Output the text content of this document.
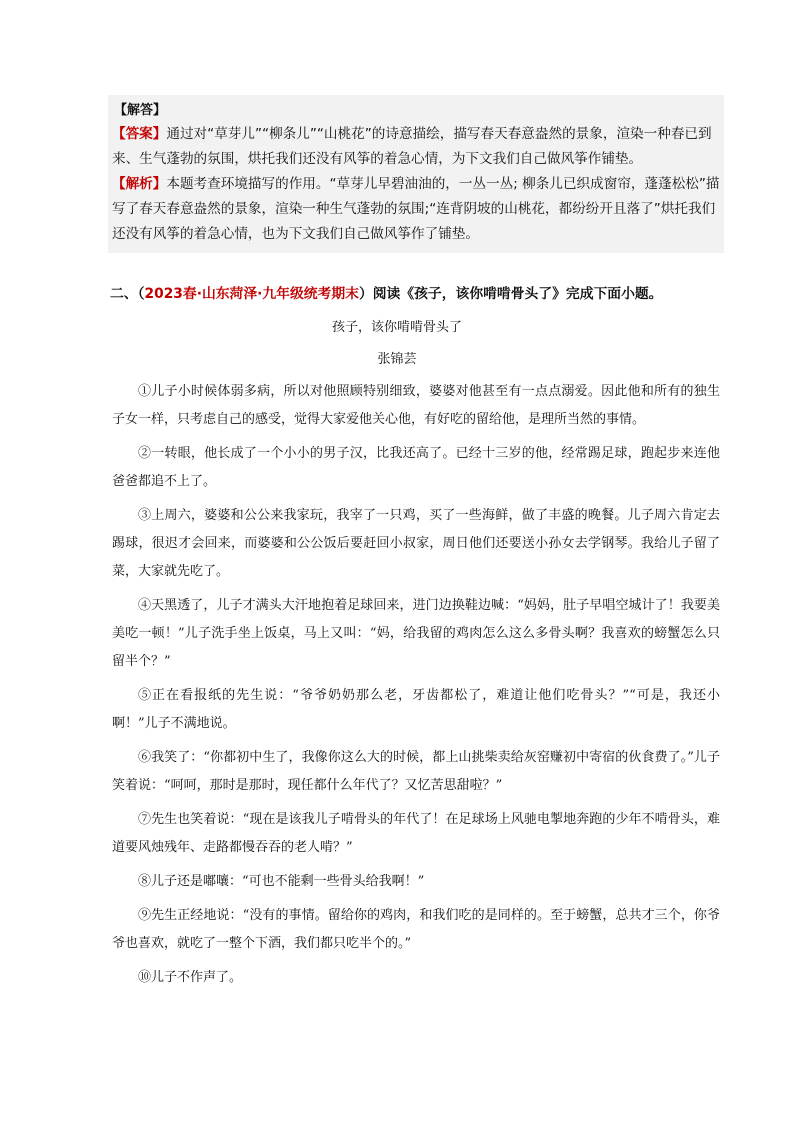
【解答】

【答案】通过对“草芽儿”“柳条儿”“山桃花”的诗意描绘，描写春天春意盎然的景象，渲染一种春已到来、生气蓬勃的氛围，烘托我们还没有风筝的着急心情，为下文我们自己做风筝作铺垫。

【解析】本题考查环境描写的作用。“草芽儿早碧油油的，一丛一丛; 柳条儿已织成窗帘，蓬蓬松松”描写了春天春意盎然的景象，渲染一种生气蓬勃的氛围;“连背阴坡的山桃花，都纷纷开且落了”烘托我们还没有风筝的着急心情，也为下文我们自己做风筝作了铺垫。

二、（2023春·山东菏泽·九年级统考期末）阅读《孩子，该你啃啃骨头了》完成下面小题。
孩子，该你啃啃骨头了
张锦芸

①儿子小时候体弱多病，所以对他照顾特别细致，婆婆对他甚至有一点点溺爱。因此他和所有的独生子女一样，只考虑自己的感受，觉得大家爱他关心他，有好吃的留给他，是理所当然的事情。

②一转眼，他长成了一个小小的男子汉，比我还高了。已经十三岁的他，经常踢足球，跑起步来连他爸爸都追不上了。

③上周六，婆婆和公公来我家玩，我宰了一只鸡，买了一些海鲜，做了丰盛的晚餐。儿子周六肯定去踢球，很迟才会回来，而婆婆和公公饭后要赶回小叔家，周日他们还要送小孙女去学钢琴。我给儿子留了菜，大家就先吃了。

④天黑透了，儿子才满头大汗地抱着足球回来，进门边换鞋边喊：“妈妈，肚子早唱空城计了！我要美美吃一顿！”儿子洗手坐上饭桌，马上又叫：“妈，给我留的鸡肉怎么这么多骨头啊？我喜欢的螃蟹怎么只留半个？”

⑤正在看报纸的先生说：“爷爷奶奶那么老，牙齿都松了，难道让他们吃骨头？”“可是，我还小啊！”儿子不满地说。

⑥我笑了：“你都初中生了，我像你这么大的时候，都上山挑柴卖给灰窑赚初中寄宿的伙食费了。”儿子笑着说：“呵呵，那时是那时，现任都什么年代了？又忆苦思甜啦？”

⑦先生也笑着说：“现在是该我儿子啃骨头的年代了！在足球场上风驰电掣地奔跑的少年不啃骨头，难道要风烛残年、走路都慢吞吞的老人啃？”

⑧儿子还是嘟嚷：“可也不能剩一些骨头给我啊！”

⑨先生正经地说：“没有的事情。留给你的鸡肉，和我们吃的是同样的。至于螃蟹，总共才三个，你爷爷也喜欢，就吃了一整个下酒，我们都只吃半个的。”

⑩儿子不作声了。
